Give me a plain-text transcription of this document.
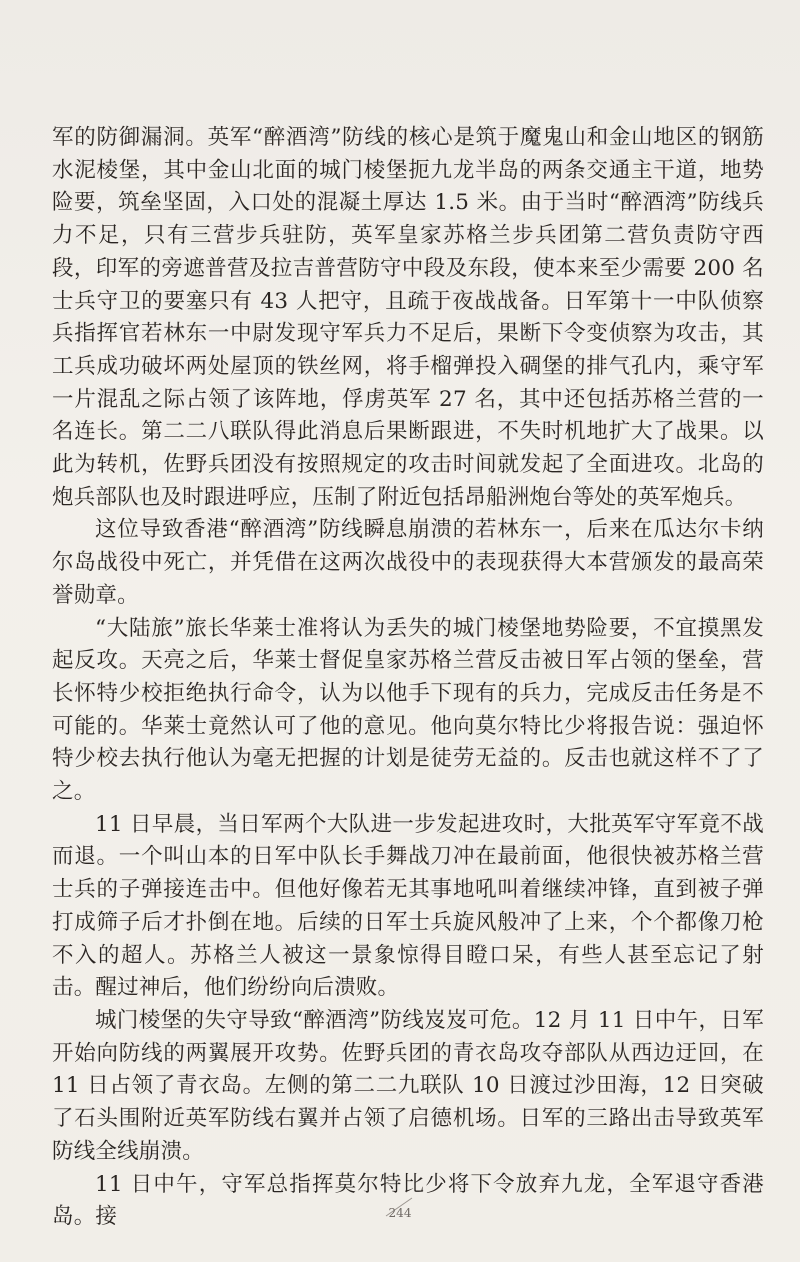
军的防御漏洞。英军“醉酒湾”防线的核心是筑于魔鬼山和金山地区的钢筋水泥棱堡，其中金山北面的城门棱堡扼九龙半岛的两条交通主干道，地势险要，筑垒坚固，入口处的混凝土厚达 1.5 米。由于当时“醉酒湾”防线兵力不足，只有三营步兵驻防，英军皇家苏格兰步兵团第二营负责防守西段，印军的旁遮普营及拉吉普营防守中段及东段，使本来至少需要 200 名士兵守卫的要塞只有 43 人把守，且疏于夜战战备。日军第十一中队侦察兵指挥官若林东一中尉发现守军兵力不足后，果断下令变侦察为攻击，其工兵成功破坏两处屋顶的铁丝网，将手榴弹投入碉堡的排气孔内，乘守军一片混乱之际占领了该阵地，俘虏英军 27 名，其中还包括苏格兰营的一名连长。第二二八联队得此消息后果断跟进，不失时机地扩大了战果。以此为转机，佐野兵团没有按照规定的攻击时间就发起了全面进攻。北岛的炮兵部队也及时跟进呼应，压制了附近包括昂船洲炮台等处的英军炮兵。

这位导致香港“醉酒湾”防线瞬息崩溃的若林东一，后来在瓜达尔卡纳尔岛战役中死亡，并凭借在这两次战役中的表现获得大本营颁发的最高荣誉勋章。

“大陆旅”旅长华莱士准将认为丢失的城门棱堡地势险要，不宜摸黑发起反攻。天亮之后，华莱士督促皇家苏格兰营反击被日军占领的堡垒，营长怀特少校拒绝执行命令，认为以他手下现有的兵力，完成反击任务是不可能的。华莱士竟然认可了他的意见。他向莫尔特比少将报告说：强迫怀特少校去执行他认为毫无把握的计划是徒劳无益的。反击也就这样不了了之。

11 日早晨，当日军两个大队进一步发起进攻时，大批英军守军竟不战而退。一个叫山本的日军中队长手舞战刀冲在最前面，他很快被苏格兰营士兵的子弹接连击中。但他好像若无其事地吼叫着继续冲锋，直到被子弹打成筛子后才扑倒在地。后续的日军士兵旋风般冲了上来，个个都像刀枪不入的超人。苏格兰人被这一景象惊得目瞪口呆，有些人甚至忘记了射击。醒过神后，他们纷纷向后溃败。

城门棱堡的失守导致“醉酒湾”防线岌岌可危。12 月 11 日中午，日军开始向防线的两翼展开攻势。佐野兵团的青衣岛攻夺部队从西边迂回，在 11 日占领了青衣岛。左侧的第二二九联队 10 日渡过沙田海，12 日突破了石头围附近英军防线右翼并占领了启德机场。日军的三路出击导致英军防线全线崩溃。

11 日中午，守军总指挥莫尔特比少将下令放弃九龙，全军退守香港岛。接	244
